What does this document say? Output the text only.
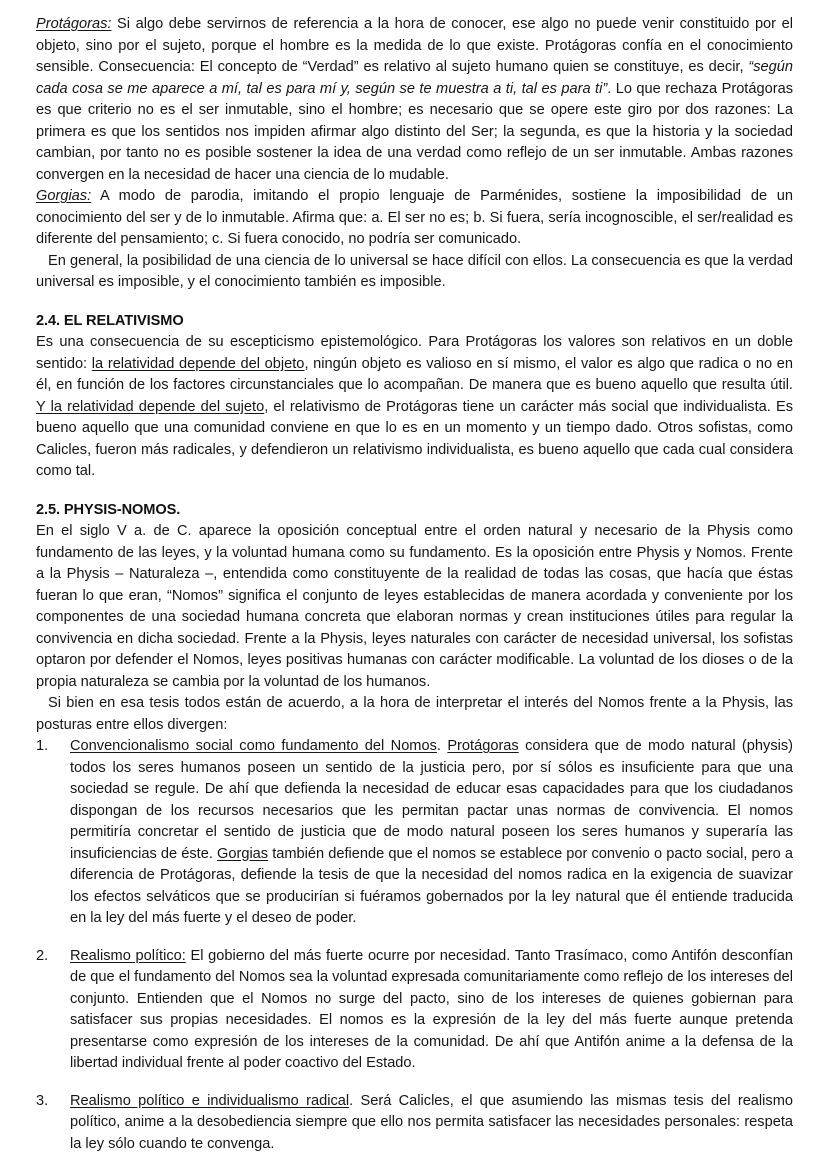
Protágoras: Si algo debe servirnos de referencia a la hora de conocer, ese algo no puede venir constituido por el objeto, sino por el sujeto, porque el hombre es la medida de lo que existe. Protágoras confía en el conocimiento sensible. Consecuencia: El concepto de “Verdad” es relativo al sujeto humano quien se constituye, es decir, “según cada cosa se me aparece a mí, tal es para mí y, según se te muestra a ti, tal es para ti”. Lo que rechaza Protágoras es que criterio no es el ser inmutable, sino el hombre; es necesario que se opere este giro por dos razones: La primera es que los sentidos nos impiden afirmar algo distinto del Ser; la segunda, es que la historia y la sociedad cambian, por tanto no es posible sostener la idea de una verdad como reflejo de un ser inmutable. Ambas razones convergen en la necesidad de hacer una ciencia de lo mudable.

Gorgias: A modo de parodia, imitando el propio lenguaje de Parménides, sostiene la imposibilidad de un conocimiento del ser y de lo inmutable. Afirma que: a. El ser no es; b. Si fuera, sería incognoscible, el ser/realidad es diferente del pensamiento; c. Si fuera conocido, no podría ser comunicado.

En general, la posibilidad de una ciencia de lo universal se hace difícil con ellos. La consecuencia es que la verdad universal es imposible, y el conocimiento también es imposible.

2.4. EL RELATIVISMO

Es una consecuencia de su escepticismo epistemológico. Para Protágoras los valores son relativos en un doble sentido: la relatividad depende del objeto, ningún objeto es valioso en sí mismo, el valor es algo que radica o no en él, en función de los factores circunstanciales que lo acompañan. De manera que es bueno aquello que resulta útil. Y la relatividad depende del sujeto, el relativismo de Protágoras tiene un carácter más social que individualista. Es bueno aquello que una comunidad conviene en que lo es en un momento y un tiempo dado. Otros sofistas, como Calicles, fueron más radicales, y defendieron un relativismo individualista, es bueno aquello que cada cual considera como tal.

2.5. PHYSIS-NOMOS.

En el siglo V a. de C. aparece la oposición conceptual entre el orden natural y necesario de la Physis como fundamento de las leyes, y la voluntad humana como su fundamento. Es la oposición entre Physis y Nomos. Frente a la Physis – Naturaleza –, entendida como constituyente de la realidad de todas las cosas, que hacía que éstas fueran lo que eran, “Nomos” significa el conjunto de leyes establecidas de manera acordada y conveniente por los componentes de una sociedad humana concreta que elaboran normas y crean instituciones útiles para regular la convivencia en dicha sociedad. Frente a la Physis, leyes naturales con carácter de necesidad universal, los sofistas optaron por defender el Nomos, leyes positivas humanas con carácter modificable. La voluntad de los dioses o de la propia naturaleza se cambia por la voluntad de los humanos.

Si bien en esa tesis todos están de acuerdo, a la hora de interpretar el interés del Nomos frente a la Physis, las posturas entre ellos divergen:

Convencionalismo social como fundamento del Nomos. Protágoras considera que de modo natural (physis) todos los seres humanos poseen un sentido de la justicia pero, por sí sólos es insuficiente para que una sociedad se regule. De ahí que defienda la necesidad de educar esas capacidades para que los ciudadanos dispongan de los recursos necesarios que les permitan pactar unas normas de convivencia. El nomos permitiría concretar el sentido de justicia que de modo natural poseen los seres humanos y superaría las insuficiencias de éste. Gorgias también defiende que el nomos se establece por convenio o pacto social, pero a diferencia de Protágoras, defiende la tesis de que la necesidad del nomos radica en la exigencia de suavizar los efectos selváticos que se producirían si fuéramos gobernados por la ley natural que él entiende traducida en la ley del más fuerte y el deseo de poder.
Realismo político: El gobierno del más fuerte ocurre por necesidad. Tanto Trasímaco, como Antifón desconfían de que el fundamento del Nomos sea la voluntad expresada comunitariamente como reflejo de los intereses del conjunto. Entienden que el Nomos no surge del pacto, sino de los intereses de quienes gobiernan para satisfacer sus propias necesidades. El nomos es la expresión de la ley del más fuerte aunque pretenda presentarse como expresión de los intereses de la comunidad. De ahí que Antifón anime a la defensa de la libertad individual frente al poder coactivo del Estado.
Realismo político e individualismo radical. Será Calicles, el que asumiendo las mismas tesis del realismo político, anime a la desobediencia siempre que ello nos permita satisfacer las necesidades personales: respeta la ley sólo cuando te convenga.
